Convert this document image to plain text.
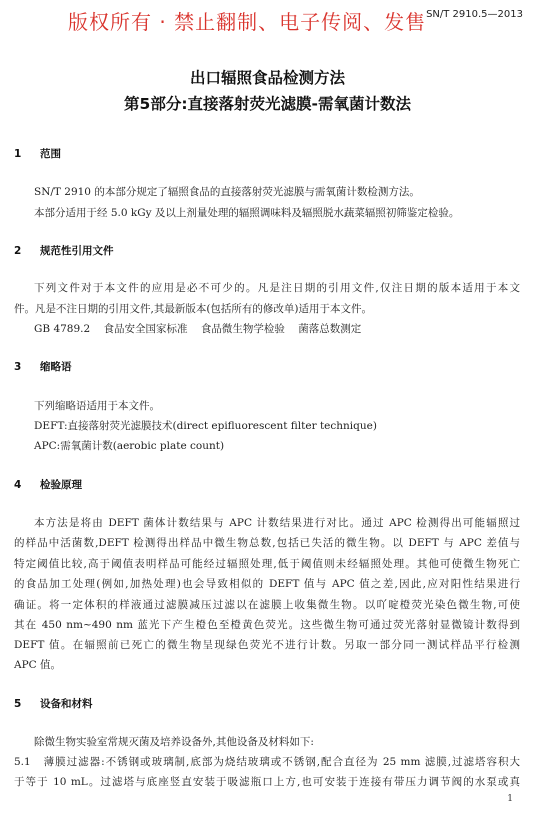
版权所有 · 禁止翻制、电子传阅、发售 SN/T 2910.5—2013
出口辐照食品检测方法
第5部分:直接落射荧光滤膜-需氧菌计数法
1 范围
SN/T 2910 的本部分规定了辐照食品的直接落射荧光滤膜与需氧菌计数检测方法。
本部分适用于经 5.0 kGy 及以上剂量处理的辐照调味料及辐照脱水蔬菜辐照初筛鉴定检验。
2 规范性引用文件
下列文件对于本文件的应用是必不可少的。凡是注日期的引用文件,仅注日期的版本适用于本文
件。凡是不注日期的引用文件,其最新版本(包括所有的修改单)适用于本文件。
GB 4789.2    食品安全国家标准    食品微生物学检验    菌落总数测定
3 缩略语
下列缩略语适用于本文件。
DEFT:直接落射荧光滤膜技术(direct epifluorescent filter technique)
APC:需氧菌计数(aerobic plate count)
4 检验原理
本方法是将由 DEFT 菌体计数结果与 APC 计数结果进行对比。通过 APC 检测得出可能辐照过
的样品中活菌数,DEFT 检测得出样品中微生物总数,包括已失活的微生物。以 DEFT 与 APC 差值与
特定阈值比较,高于阈值表明样品可能经过辐照处理,低于阈值则未经辐照处理。其他可使微生物死亡
的食品加工处理(例如,加热处理)也会导致相似的 DEFT 值与 APC 值之差,因此,应对阳性结果进行
确证。将一定体积的样液通过滤膜减压过滤以在滤膜上收集微生物。以吖啶橙荧光染色微生物,可使
其在 450 nm~490 nm 蓝光下产生橙色至橙黄色荧光。这些微生物可通过荧光落射显微镜计数得到
DEFT 值。在辐照前已死亡的微生物呈现绿色荧光不进行计数。另取一部分同一测试样品平行检测
APC 值。
5 设备和材料
除微生物实验室常规灭菌及培养设备外,其他设备及材料如下:
5.1   薄膜过滤器:不锈钢或玻璃制,底部为烧结玻璃或不锈钢,配合直径为 25 mm 滤膜,过滤塔容积大
于等于 10 mL。过滤塔与底座竖直安装于吸滤瓶口上方,也可安装于连接有带压力调节阀的水泵或真
1
